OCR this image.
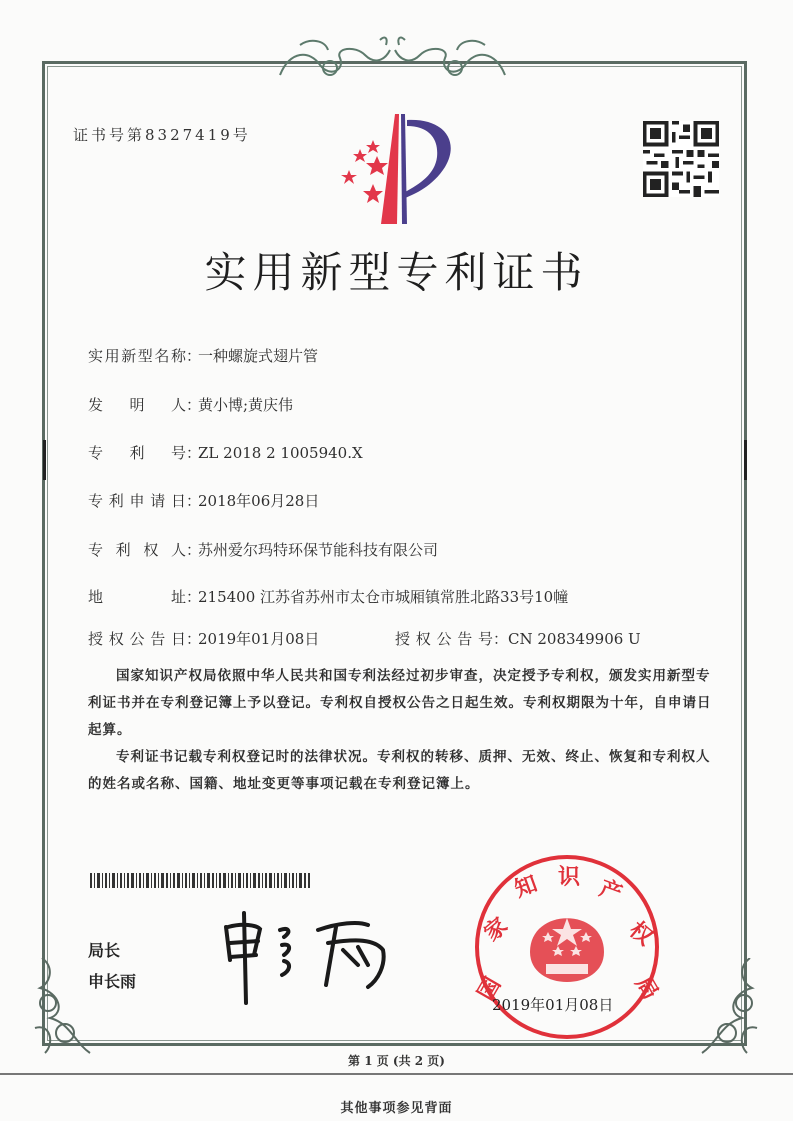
证书号第8327419号
实用新型专利证书
实用新型名称：一种螺旋式翅片管
发明人：黄小博;黄庆伟
专利号：ZL 2018 2 1005940.X
专利申请日：2018年06月28日
专利权人：苏州爱尔玛特环保节能科技有限公司
地址：215400 江苏省苏州市太仓市城厢镇常胜北路33号10幢
授权公告日：2019年01月08日	授权公告号：CN 208349906 U

国家知识产权局依照中华人民共和国专利法经过初步审查，决定授予专利权，颁发实用新型专利证书并在专利登记簿上予以登记。专利权自授权公告之日起生效。专利权期限为十年，自申请日起算。

专利证书记载专利权登记时的法律状况。专利权的转移、质押、无效、终止、恢复和专利权人的姓名或名称、国籍、地址变更等事项记载在专利登记簿上。

局长
申长雨	国
家
知 识 产
权
局
2019年01月08日
第 1 页 (共 2 页)
其他事项参见背面
